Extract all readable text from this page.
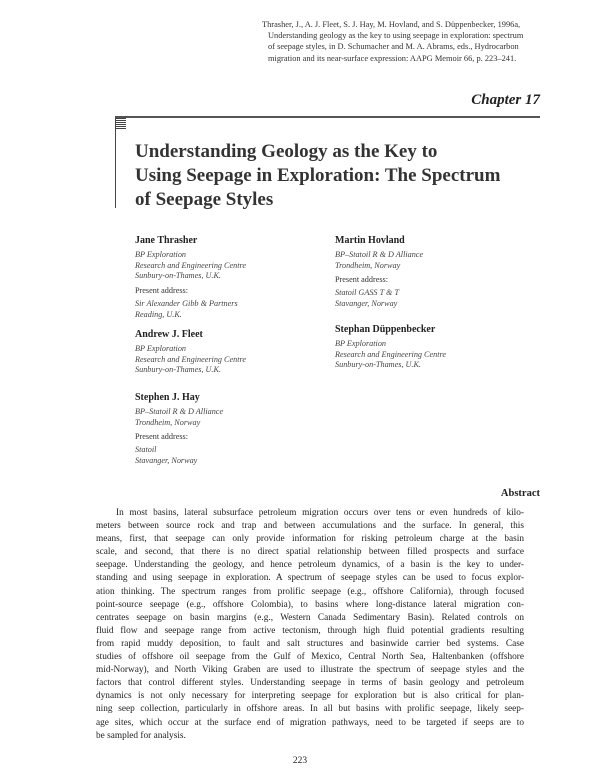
Thrasher, J., A. J. Fleet, S. J. Hay, M. Hovland, and S. Düppenbecker, 1996a,
Understanding geology as the key to using seepage in exploration: spectrum
of seepage styles, in D. Schumacher and M. A. Abrams, eds., Hydrocarbon
migration and its near-surface expression: AAPG Memoir 66, p. 223–241.
Chapter 17
Understanding Geology as the Key to
Using Seepage in Exploration: The Spectrum
of Seepage Styles
Jane Thrasher
BP Exploration
Research and Engineering Centre
Sunbury-on-Thames, U.K.
Present address:
Sir Alexander Gibb & Partners
Reading, U.K.
Andrew J. Fleet
BP Exploration
Research and Engineering Centre
Sunbury-on-Thames, U.K.
Stephen J. Hay
BP–Statoil R & D Alliance
Trondheim, Norway
Present address:
Statoil
Stavanger, Norway
Martin Hovland
BP–Statoil R & D Alliance
Trondheim, Norway
Present address:
Statoil GASS T & T
Stavanger, Norway
Stephan Düppenbecker
BP Exploration
Research and Engineering Centre
Sunbury-on-Thames, U.K.
Abstract
In most basins, lateral subsurface petroleum migration occurs over tens or even hundreds of kilo-
meters between source rock and trap and between accumulations and the surface. In general, this
means, first, that seepage can only provide information for risking petroleum charge at the basin
scale, and second, that there is no direct spatial relationship between filled prospects and surface
seepage. Understanding the geology, and hence petroleum dynamics, of a basin is the key to under-
standing and using seepage in exploration. A spectrum of seepage styles can be used to focus explor-
ation thinking. The spectrum ranges from prolific seepage (e.g., offshore California), through focused
point-source seepage (e.g., offshore Colombia), to basins where long-distance lateral migration con-
centrates seepage on basin margins (e.g., Western Canada Sedimentary Basin). Related controls on
fluid flow and seepage range from active tectonism, through high fluid potential gradients resulting
from rapid muddy deposition, to fault and salt structures and basinwide carrier bed systems. Case
studies of offshore oil seepage from the Gulf of Mexico, Central North Sea, Haltenbanken (offshore
mid-Norway), and North Viking Graben are used to illustrate the spectrum of seepage styles and the
factors that control different styles. Understanding seepage in terms of basin geology and petroleum
dynamics is not only necessary for interpreting seepage for exploration but is also critical for plan-
ning seep collection, particularly in offshore areas. In all but basins with prolific seepage, likely seep-
age sites, which occur at the surface end of migration pathways, need to be targeted if seeps are to
be sampled for analysis.
223
